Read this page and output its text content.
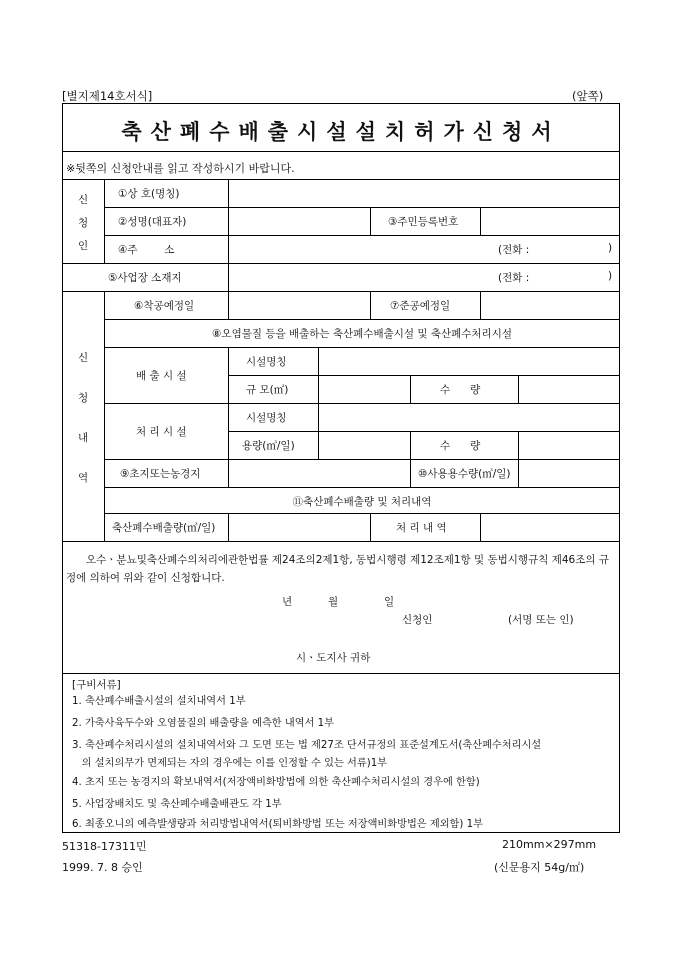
[별지제14호서식]	(앞쪽)
축산폐수배출시설설치허가신청서
※뒷쪽의 신청안내를 읽고 작성하시기 바랍니다.
신
청
인
①상 호(명칭)
②성명(대표자)	③주민등록번호
④주        소	(전화 :	)
⑤사업장 소재지	(전화 :	)
신
청
내
역
⑥착공예정일	⑦준공예정일
⑧오염물질 등을 배출하는 축산폐수배출시설 및 축산폐수처리시설
배 출 시 설
시설명칭
규 모(㎡)	수      량
처 리 시 설
시설명칭
용량(㎥/일)	수      량
⑨초지또는농경지	⑩사용용수량(㎥/일)
⑪축산폐수배출량 및 처리내역
축산폐수배출량(㎥/일)	처 리 내 역
오수ㆍ분뇨및축산폐수의처리에관한법률 제24조의2제1항, 동법시행령 제12조제1항 및 동법시행규칙 제46조의 규정에 의하여 위와 같이 신청합니다.
년	월	일
신청인	(서명 또는 인)
시ㆍ도지사 귀하
[구비서류]
1. 축산폐수배출시설의 설치내역서 1부
2. 가축사육두수와 오염물질의 배출량을 예측한 내역서 1부
3. 축산폐수처리시설의 설치내역서와 그 도면 또는 법 제27조 단서규정의 표준설계도서(축산폐수처리시설
의 설치의무가 면제되는 자의 경우에는 이를 인정할 수 있는 서류)1부
4. 초지 또는 농경지의 확보내역서(저장액비화방법에 의한 축산폐수처리시설의 경우에 한함)
5. 사업장배치도 및 축산폐수배출배관도 각 1부
6. 최종오니의 예측발생량과 처리방법내역서(퇴비화방법 또는 저장액비화방법은 제외함) 1부
51318-17311민
1999. 7. 8 승인
210mm×297mm
(신문용지 54g/㎡)
